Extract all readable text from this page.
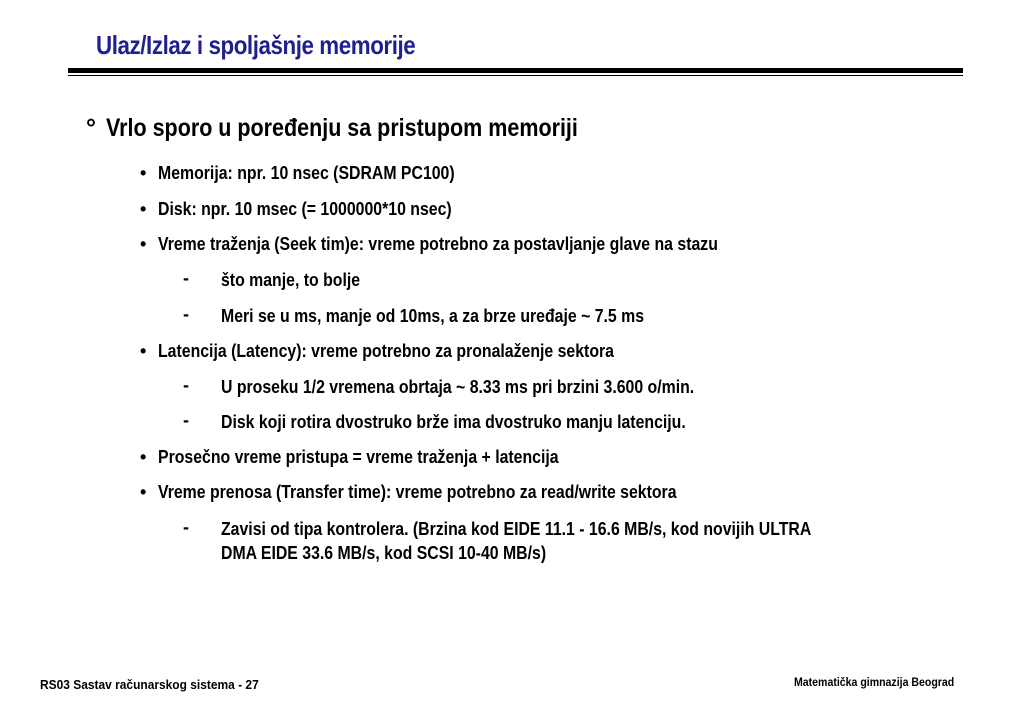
Ulaz/Izlaz i spoljašnje memorije
° Vrlo sporo u poređenju sa pristupom memoriji
• Memorija: npr. 10 nsec (SDRAM PC100)
• Disk: npr. 10 msec (= 1000000*10 nsec)
• Vreme traženja (Seek tim)e: vreme potrebno za postavljanje glave na stazu
- što manje, to bolje
- Meri se u ms, manje od 10ms, a za brze uređaje ~ 7.5 ms
• Latencija (Latency): vreme potrebno za pronalaženje sektora
- U proseku 1/2 vremena obrtaja ~ 8.33 ms pri brzini 3.600 o/min.
- Disk koji rotira dvostruko brže ima dvostruko manju latenciju.
• Prosečno vreme pristupa = vreme traženja + latencija
• Vreme prenosa (Transfer time): vreme potrebno za read/write sektora
- Zavisi od tipa kontrolera. (Brzina kod EIDE 11.1 - 16.6 MB/s, kod novijih ULTRA
DMA EIDE 33.6 MB/s, kod SCSI 10-40 MB/s)
RS03 Sastav računarskog sistema - 27	Matematička gimnazija Beograd
